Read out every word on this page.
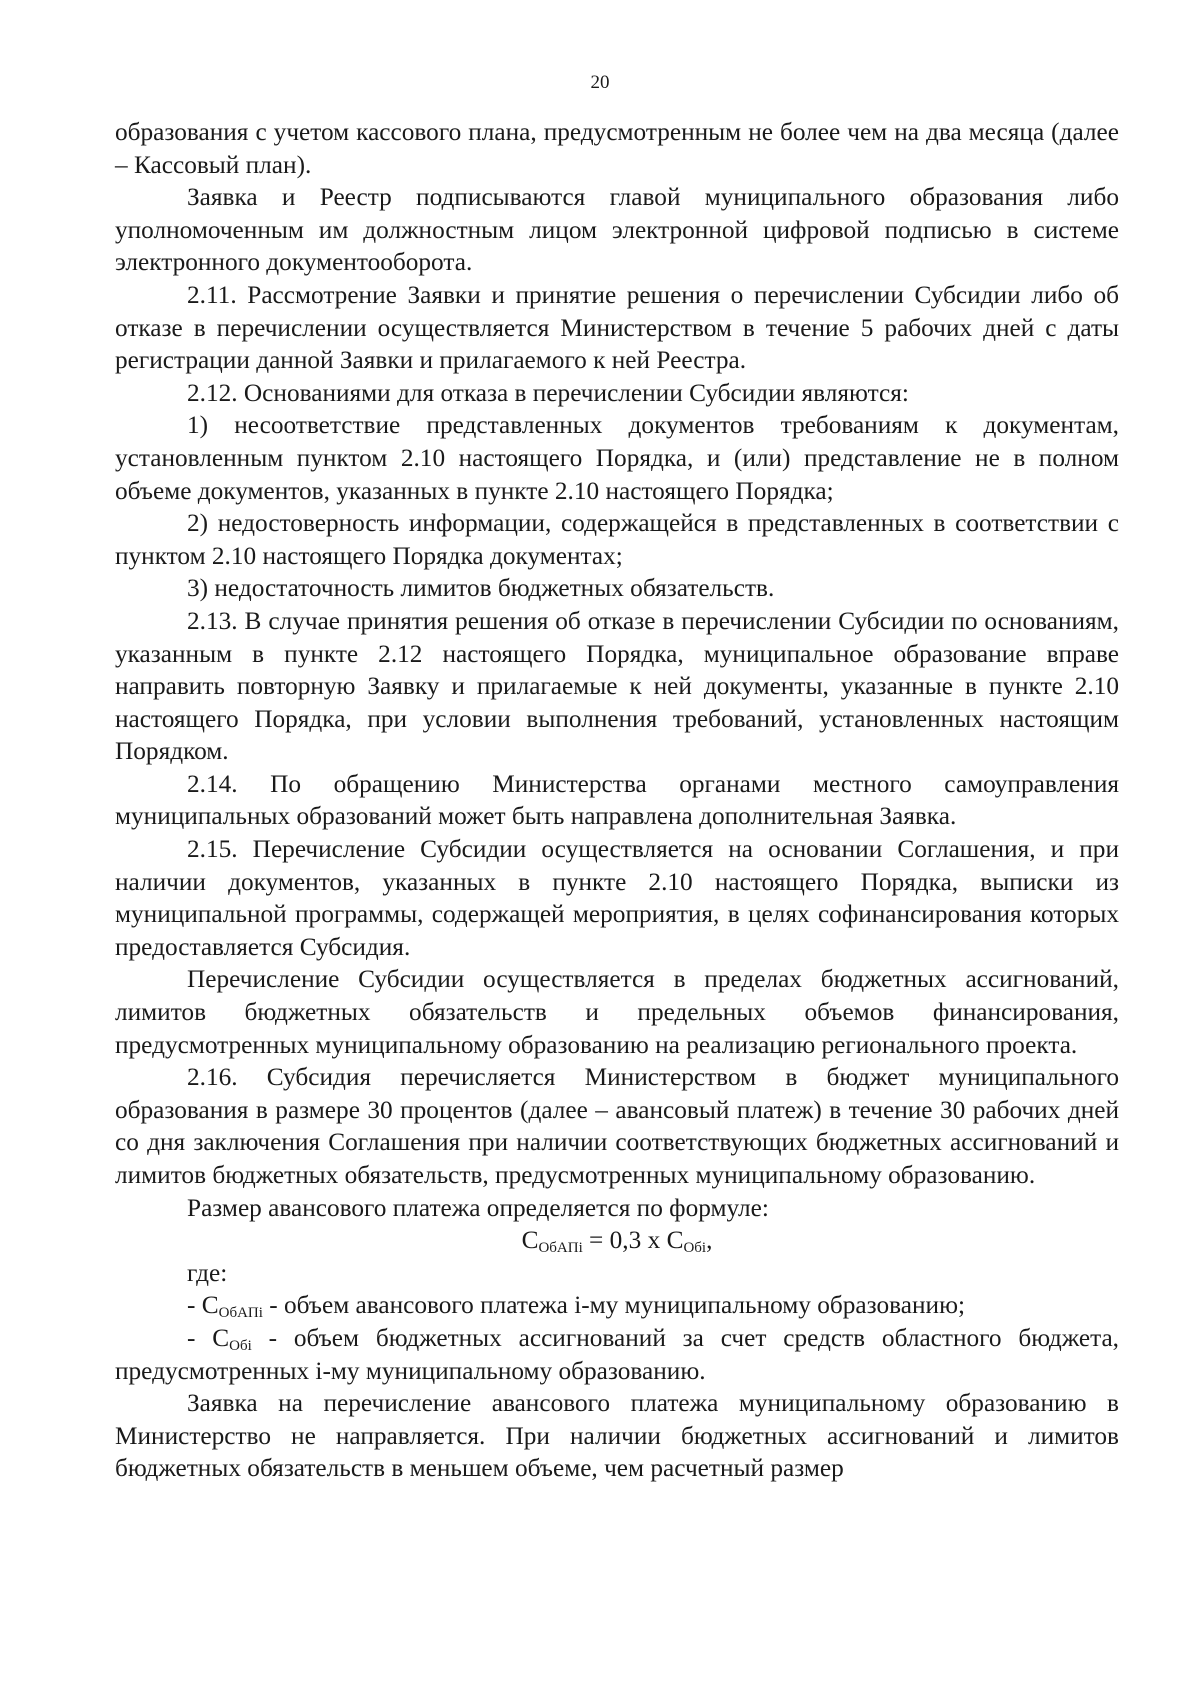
20

образования с учетом кассового плана, предусмотренным не более чем на два месяца (далее – Кассовый план).

Заявка и Реестр подписываются главой муниципального образования либо уполномоченным им должностным лицом электронной цифровой подписью в системе электронного документооборота.

2.11. Рассмотрение Заявки и принятие решения о перечислении Субсидии либо об отказе в перечислении осуществляется Министерством в течение 5 рабочих дней с даты регистрации данной Заявки и прилагаемого к ней Реестра.

2.12. Основаниями для отказа в перечислении Субсидии являются:

1) несоответствие представленных документов требованиям к документам, установленным пунктом 2.10 настоящего Порядка, и (или) представление не в полном объеме документов, указанных в пункте 2.10 настоящего Порядка;

2) недостоверность информации, содержащейся в представленных в соответствии с пунктом 2.10 настоящего Порядка документах;

3) недостаточность лимитов бюджетных обязательств.

2.13. В случае принятия решения об отказе в перечислении Субсидии по основаниям, указанным в пункте 2.12 настоящего Порядка, муниципальное образование вправе направить повторную Заявку и прилагаемые к ней документы, указанные в пункте 2.10 настоящего Порядка, при условии выполнения требований, установленных настоящим Порядком.

2.14. По обращению Министерства органами местного самоуправления муниципальных образований может быть направлена дополнительная Заявка.

2.15. Перечисление Субсидии осуществляется на основании Соглашения, и при наличии документов, указанных в пункте 2.10 настоящего Порядка, выписки из муниципальной программы, содержащей мероприятия, в целях софинансирования которых предоставляется Субсидия.

Перечисление Субсидии осуществляется в пределах бюджетных ассигнований, лимитов бюджетных обязательств и предельных объемов финансирования, предусмотренных муниципальному образованию на реализацию регионального проекта.

2.16. Субсидия перечисляется Министерством в бюджет муниципального образования в размере 30 процентов (далее – авансовый платеж) в течение 30 рабочих дней со дня заключения Соглашения при наличии соответствующих бюджетных ассигнований и лимитов бюджетных обязательств, предусмотренных муниципальному образованию.

Размер авансового платежа определяется по формуле:

$С_{ОбАПi} = 0,3$ х $С_{Обi}$,

где:

- $С_{ОбАПi}$ - объем авансового платежа i-му муниципальному образованию;

- $С_{Обi}$ - объем бюджетных ассигнований за счет средств областного бюджета, предусмотренных i-му муниципальному образованию.

Заявка на перечисление авансового платежа муниципальному образованию в Министерство не направляется. При наличии бюджетных ассигнований и лимитов бюджетных обязательств в меньшем объеме, чем расчетный размер
